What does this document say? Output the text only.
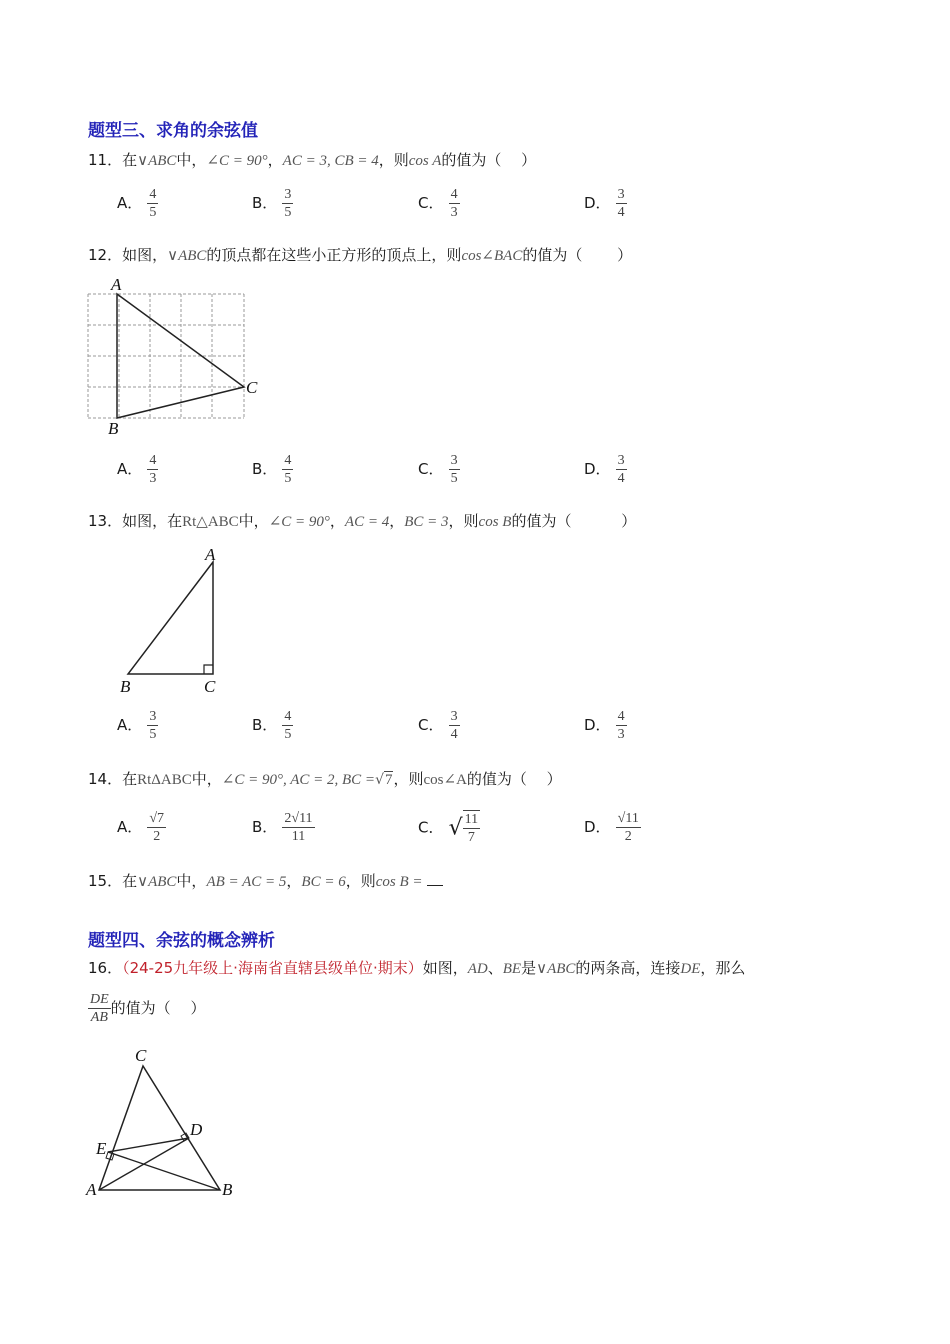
题型三、求角的余弦值
11．在∨ABC中，∠C = 90°，AC = 3, CB = 4，则cos A的值为（　 ）
A． $\frac{4}{5}$	B． $\frac{3}{5}$	C． $\frac{4}{3}$	D． $\frac{3}{4}$
12．如图，∨ABC的顶点都在这些小正方形的顶点上，则cos∠BAC的值为（　　 ）
A
B
C
A． $\frac{4}{3}$	B． $\frac{4}{5}$	C． $\frac{3}{5}$	D． $\frac{3}{4}$
13．如图，在Rt△ABC中，∠C = 90°，AC = 4，BC = 3，则cos B的值为（　　　 ）
A
B	C
A． $\frac{3}{5}$	B． $\frac{4}{5}$	C． $\frac{3}{4}$	D． $\frac{4}{3}$
14．在RtΔABC中，∠C = 90°, AC = 2, BC =√7，则cos∠A的值为（　 ）
A． $\frac{√7}{2}$	B． $\frac{2√11}{11}$	C． √ $\frac{11}{7}$	D． $\frac{√11}{2}$
15．在∨ABC中，AB = AC = 5，BC = 6，则cos B =
题型四、余弦的概念辨析
16．（24-25九年级上·海南省直辖县级单位·期末）如图，AD、BE是∨ABC的两条高，连接DE，那么
$\frac{DE}{AB}$ 的值为（　 ）
C
A	B
D
E
